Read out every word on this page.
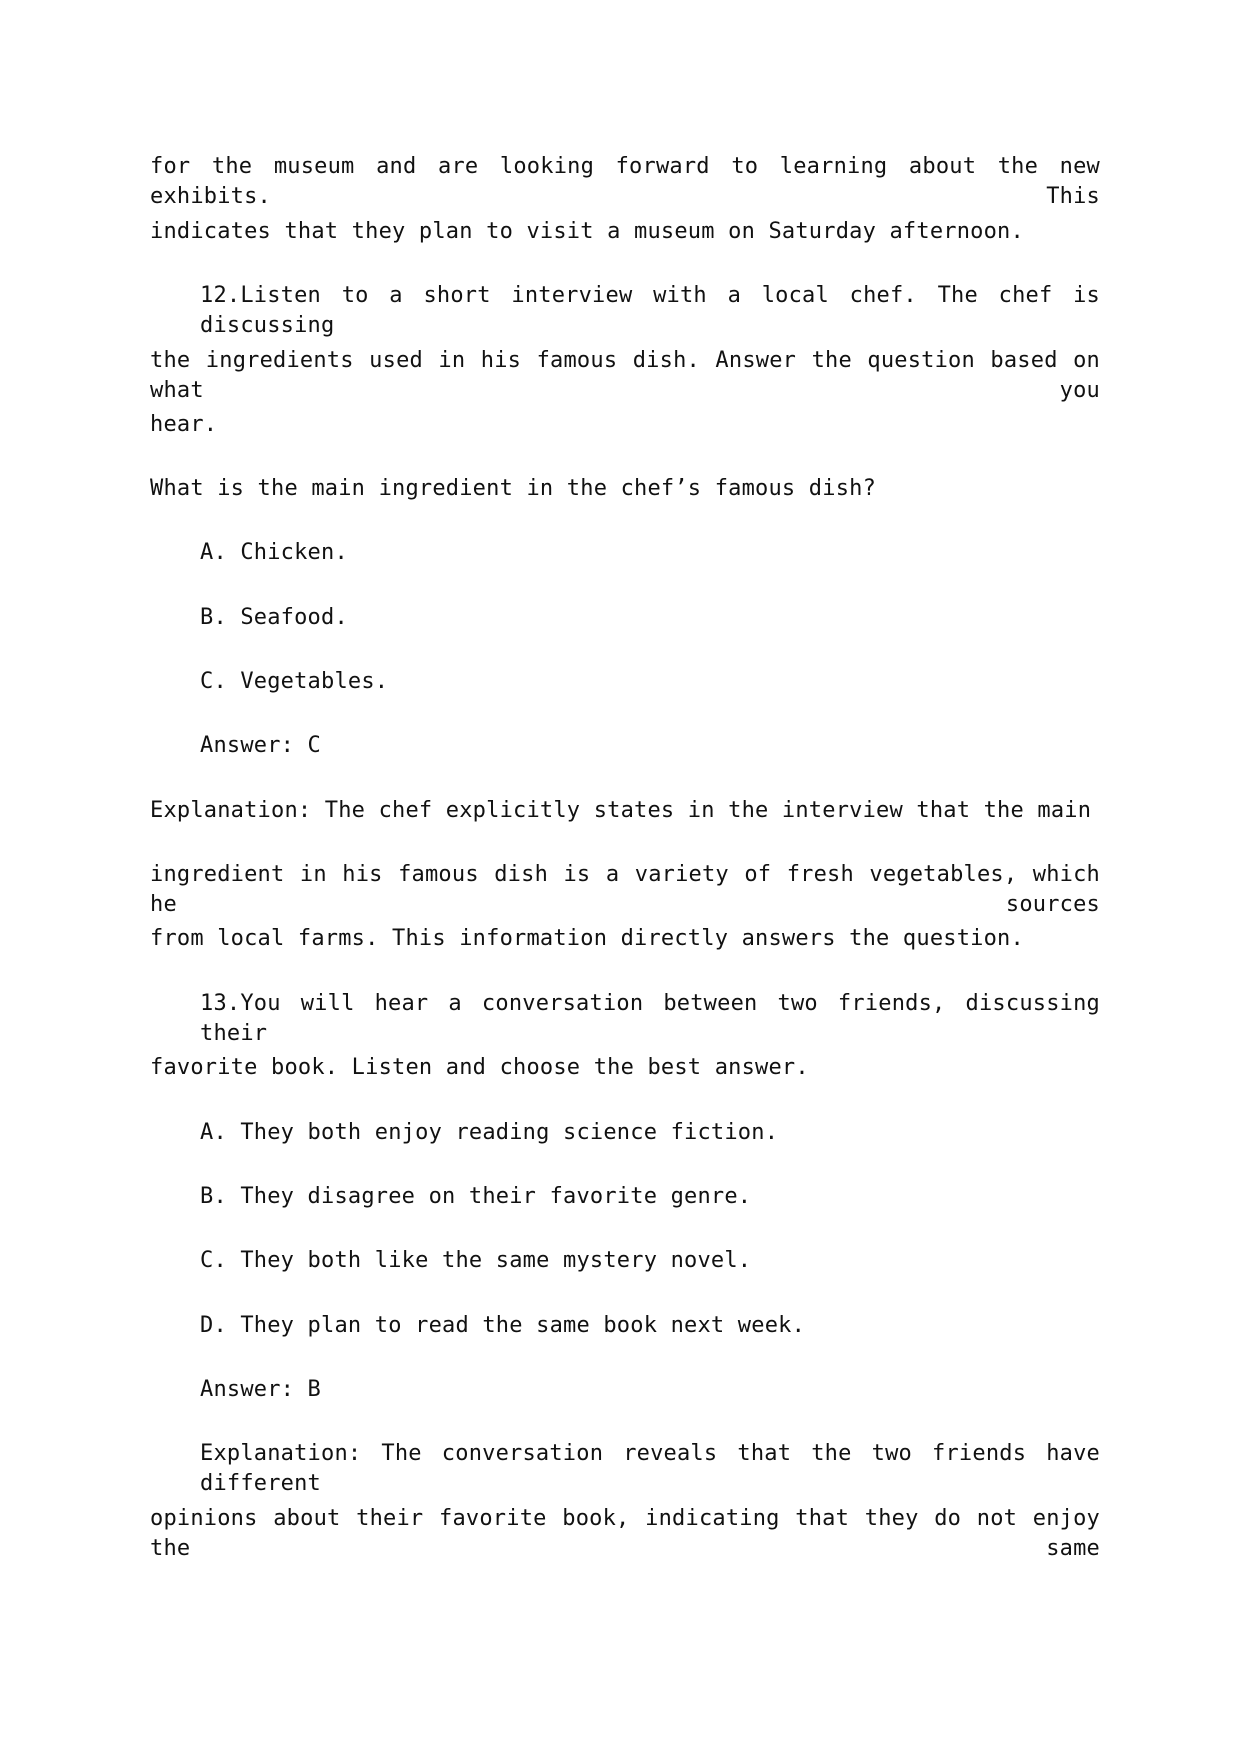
for the museum and are looking forward to learning about the new exhibits. This
indicates that they plan to visit a museum on Saturday afternoon.
12.Listen to a short interview with a local chef. The chef is discussing
the ingredients used in his famous dish. Answer the question based on what you
hear.
What is the main ingredient in the chef’s famous dish?
A. Chicken.
B. Seafood.
C. Vegetables.
Answer: C
Explanation: The chef explicitly states in the interview that the main
ingredient in his famous dish is a variety of fresh vegetables, which he sources
from local farms. This information directly answers the question.
13.You will hear a conversation between two friends, discussing their
favorite book. Listen and choose the best answer.
A. They both enjoy reading science fiction.
B. They disagree on their favorite genre.
C. They both like the same mystery novel.
D. They plan to read the same book next week.
Answer: B
Explanation: The conversation reveals that the two friends have different
opinions about their favorite book, indicating that they do not enjoy the same
